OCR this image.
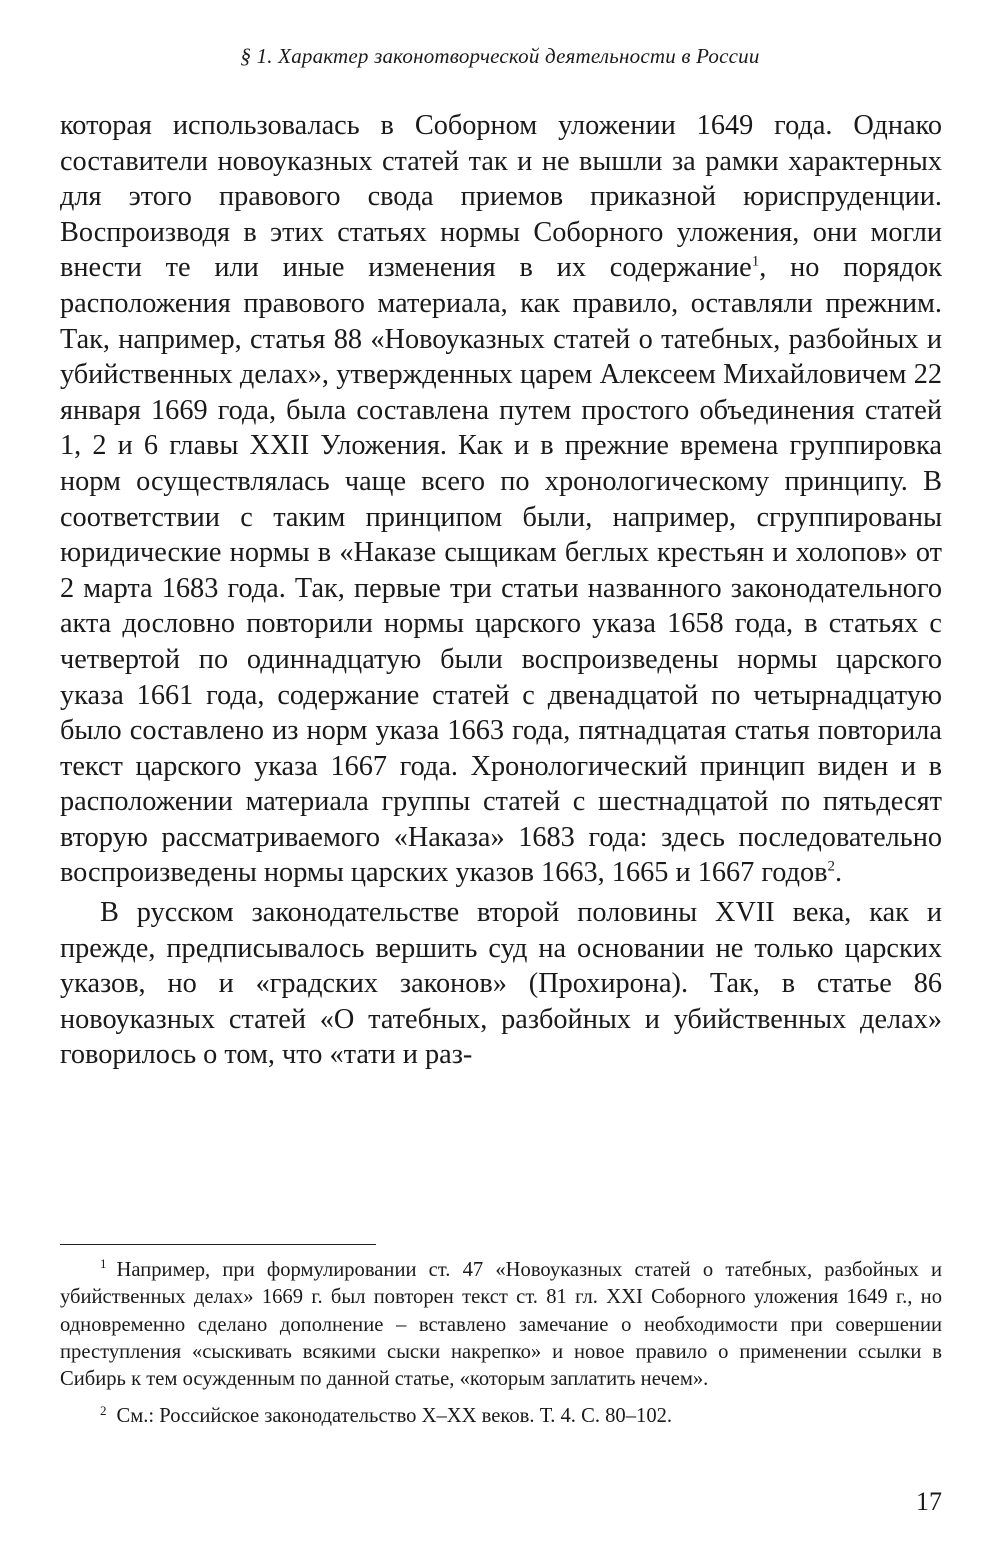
§ 1. Характер законотворческой деятельности в России

которая использовалась в Соборном уложении 1649 года. Однако составители новоуказных статей так и не вышли за рамки характерных для этого правового свода приемов приказной юриспруденции. Воспроизводя в этих статьях нормы Соборного уложения, они могли внести те или иные изменения в их содержание$^1$, но порядок расположения правового материала, как правило, оставляли прежним. Так, например, статья 88 «Новоуказных статей о татебных, разбойных и убийственных делах», утвержденных царем Алексеем Михайловичем 22 января 1669 года, была составлена путем простого объединения статей 1, 2 и 6 главы XXII Уложения. Как и в прежние времена группировка норм осуществлялась чаще всего по хронологическому принципу. В соответствии с таким принципом были, например, сгруппированы юридические нормы в «Наказе сыщикам беглых крестьян и холопов» от 2 марта 1683 года. Так, первые три статьи названного законодательного акта дословно повторили нормы царского указа 1658 года, в статьях с четвертой по одиннадцатую были воспроизведены нормы царского указа 1661 года, содержание статей с двенадцатой по четырнадцатую было составлено из норм указа 1663 года, пятнадцатая статья повторила текст царского указа 1667 года. Хронологический принцип виден и в расположении материала группы статей с шестнадцатой по пятьдесят вторую рассматриваемого «Наказа» 1683 года: здесь последовательно воспроизведены нормы царских указов 1663, 1665 и 1667 годов$^2$.

В русском законодательстве второй половины XVII века, как и прежде, предписывалось вершить суд на основании не только царских указов, но и «градских законов» (Прохирона). Так, в статье 86 новоуказных статей «О татебных, разбойных и убийственных делах» говорилось о том, что «тати и раз-

$^1$ Например, при формулировании ст. 47 «Новоуказных статей о татебных, разбойных и убийственных делах» 1669 г. был повторен текст ст. 81 гл. XXI Соборного уложения 1649 г., но одновременно сделано дополнение – вставлено замечание о необходимости при совершении преступления «сыскивать всякими сыски накрепко» и новое правило о применении ссылки в Сибирь к тем осужденным по данной статье, «которым заплатить нечем».

$^2$ См.: Российское законодательство X–XX веков. Т. 4. С. 80–102.

17
